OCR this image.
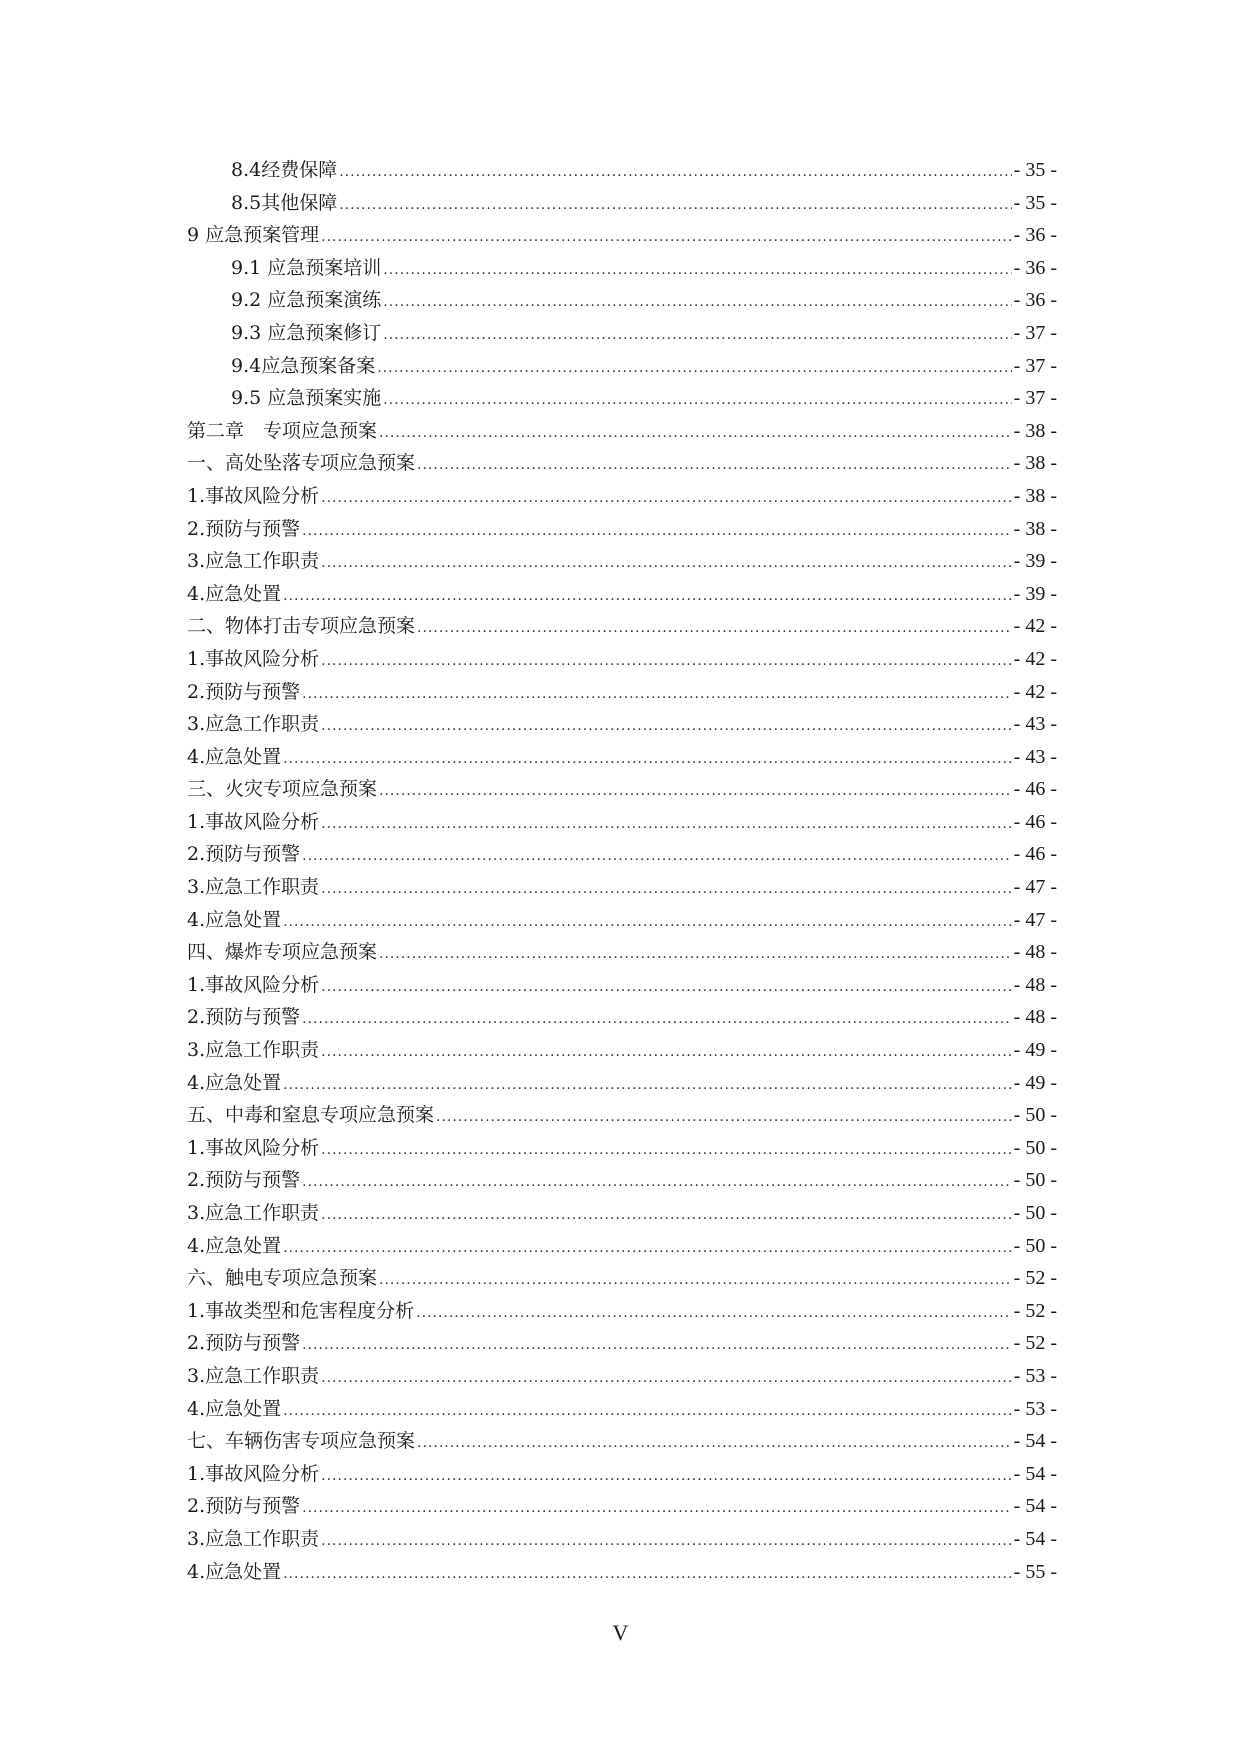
8.4经费保障 .....	- 35 -
8.5其他保障 .....	- 35 -
9 应急预案管理 .....	- 36 -
9.1 应急预案培训 .....	- 36 -
9.2 应急预案演练 .....	- 36 -
9.3 应急预案修订 .....	- 37 -
9.4应急预案备案 .....	- 37 -
9.5 应急预案实施 .....	- 37 -
第二章　专项应急预案 .....	- 38 -
一、高处坠落专项应急预案 .....	- 38 -
1.事故风险分析 .....	- 38 -
2.预防与预警 .....	- 38 -
3.应急工作职责 .....	- 39 -
4.应急处置 .....	- 39 -
二、物体打击专项应急预案 .....	- 42 -
1.事故风险分析 .....	- 42 -
2.预防与预警 .....	- 42 -
3.应急工作职责 .....	- 43 -
4.应急处置 .....	- 43 -
三、火灾专项应急预案 .....	- 46 -
1.事故风险分析 .....	- 46 -
2.预防与预警 .....	- 46 -
3.应急工作职责 .....	- 47 -
4.应急处置 .....	- 47 -
四、爆炸专项应急预案 .....	- 48 -
1.事故风险分析 .....	- 48 -
2.预防与预警 .....	- 48 -
3.应急工作职责 .....	- 49 -
4.应急处置 .....	- 49 -
五、中毒和窒息专项应急预案 .....	- 50 -
1.事故风险分析 .....	- 50 -
2.预防与预警 .....	- 50 -
3.应急工作职责 .....	- 50 -
4.应急处置 .....	- 50 -
六、触电专项应急预案 .....	- 52 -
1.事故类型和危害程度分析 .....	- 52 -
2.预防与预警 .....	- 52 -
3.应急工作职责 .....	- 53 -
4.应急处置 .....	- 53 -
七、车辆伤害专项应急预案 .....	- 54 -
1.事故风险分析 .....	- 54 -
2.预防与预警 .....	- 54 -
3.应急工作职责 .....	- 54 -
4.应急处置 .....	- 55 -
V
